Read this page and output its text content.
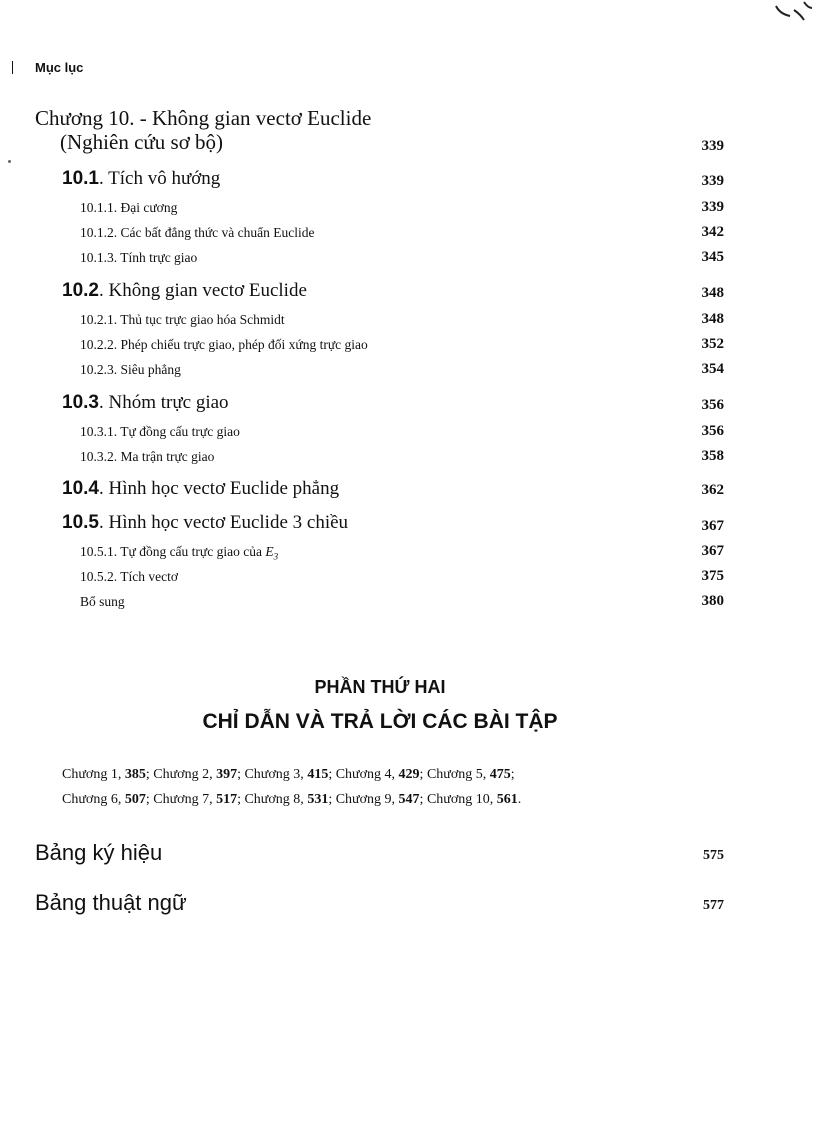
Mục lục
Chương 10. - Không gian vectơ Euclide
(Nghiên cứu sơ bộ)	339
10.1. Tích vô hướng	339
10.1.1. Đại cương	339
10.1.2. Các bất đẳng thức và chuẩn Euclide	342
10.1.3. Tính trực giao	345
10.2. Không gian vectơ Euclide	348
10.2.1. Thủ tục trực giao hóa Schmidt	348
10.2.2. Phép chiếu trực giao, phép đối xứng trực giao	352
10.2.3. Siêu phẳng	354
10.3. Nhóm trực giao	356
10.3.1. Tự đồng cấu trực giao	356
10.3.2. Ma trận trực giao	358
10.4. Hình học vectơ Euclide phẳng	362
10.5. Hình học vectơ Euclide 3 chiều	367
10.5.1. Tự đồng cấu trực giao của $E_3$	367
10.5.2. Tích vectơ	375
Bổ sung	380
PHẦN THỨ HAI
CHỈ DẪN VÀ TRẢ LỜI CÁC BÀI TẬP
Chương 1, 385; Chương 2, 397; Chương 3, 415; Chương 4, 429; Chương 5, 475;
Chương 6, 507; Chương 7, 517; Chương 8, 531; Chương 9, 547; Chương 10, 561.
Bảng ký hiệu	575
Bảng thuật ngữ	577
